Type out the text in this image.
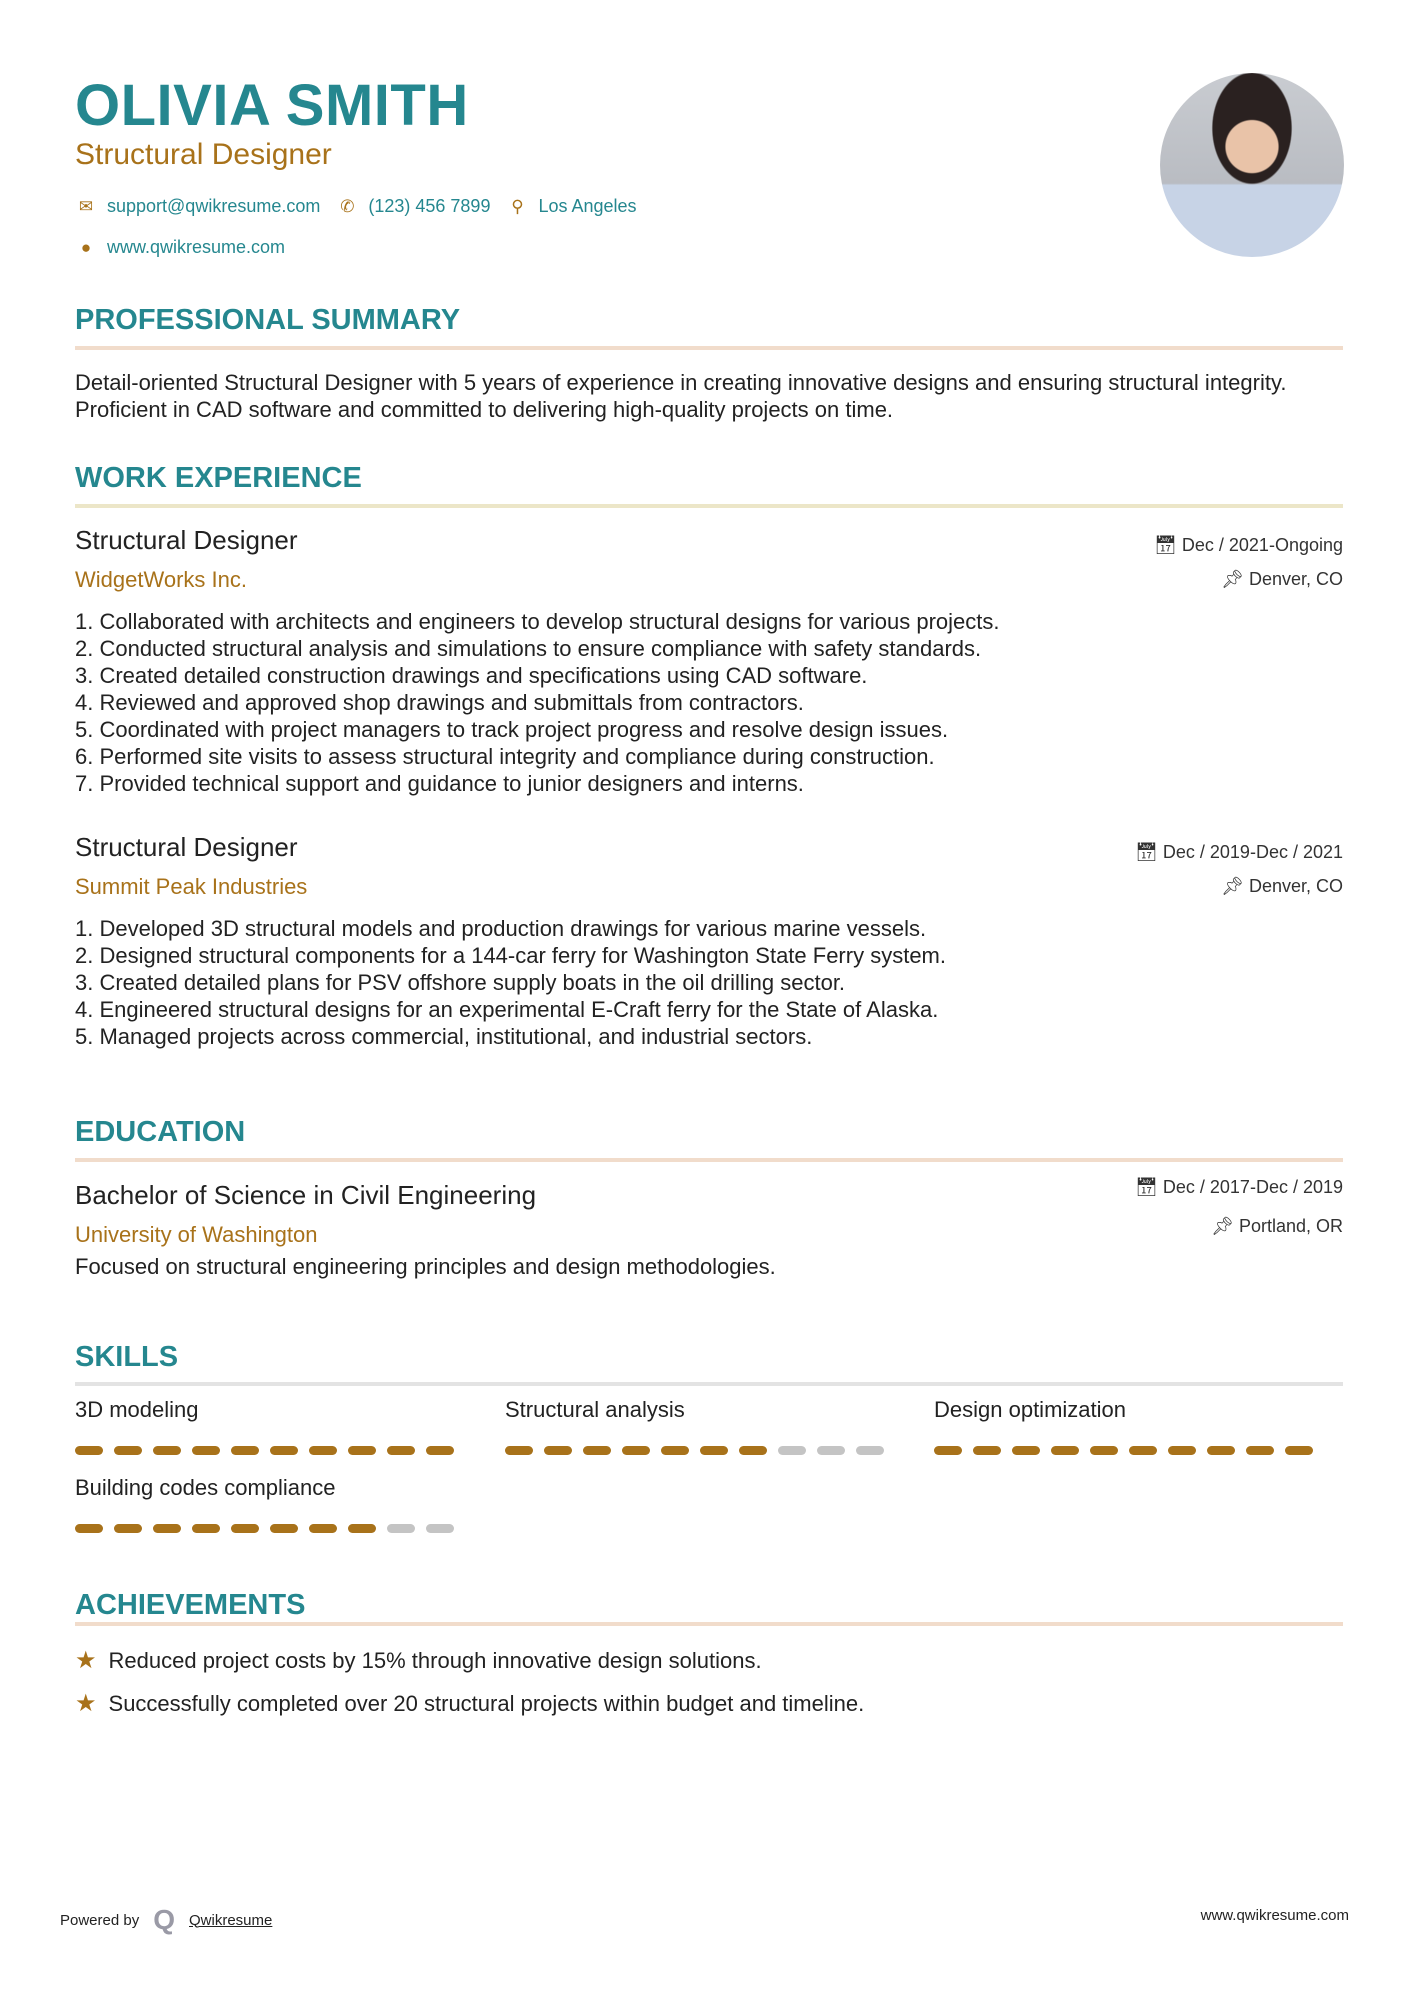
OLIVIA SMITH
Structural Designer
✉ support@qwikresume.com ✆ (123) 456 7899 ⚲ Los Angeles
● www.qwikresume.com
PROFESSIONAL SUMMARY
Detail-oriented Structural Designer with 5 years of experience in creating innovative designs and ensuring structural integrity. Proficient in CAD software and committed to delivering high-quality projects on time.
WORK EXPERIENCE
Structural Designer
WidgetWorks Inc.
📅︎ Dec / 2021-Ongoing
📌︎ Denver, CO
1. Collaborated with architects and engineers to develop structural designs for various projects.
2. Conducted structural analysis and simulations to ensure compliance with safety standards.
3. Created detailed construction drawings and specifications using CAD software.
4. Reviewed and approved shop drawings and submittals from contractors.
5. Coordinated with project managers to track project progress and resolve design issues.
6. Performed site visits to assess structural integrity and compliance during construction.
7. Provided technical support and guidance to junior designers and interns.
Structural Designer
Summit Peak Industries
📅︎ Dec / 2019-Dec / 2021
📌︎ Denver, CO
1. Developed 3D structural models and production drawings for various marine vessels.
2. Designed structural components for a 144-car ferry for Washington State Ferry system.
3. Created detailed plans for PSV offshore supply boats in the oil drilling sector.
4. Engineered structural designs for an experimental E-Craft ferry for the State of Alaska.
5. Managed projects across commercial, institutional, and industrial sectors.
EDUCATION
Bachelor of Science in Civil Engineering
University of Washington
📅︎ Dec / 2017-Dec / 2019
📌︎ Portland, OR
Focused on structural engineering principles and design methodologies.
SKILLS
3D modeling	Structural analysis	Design optimization
Building codes compliance
ACHIEVEMENTS
★ Reduced project costs by 15% through innovative design solutions.
★ Successfully completed over 20 structural projects within budget and timeline.
Powered by Q Qwikresume	www.qwikresume.com
